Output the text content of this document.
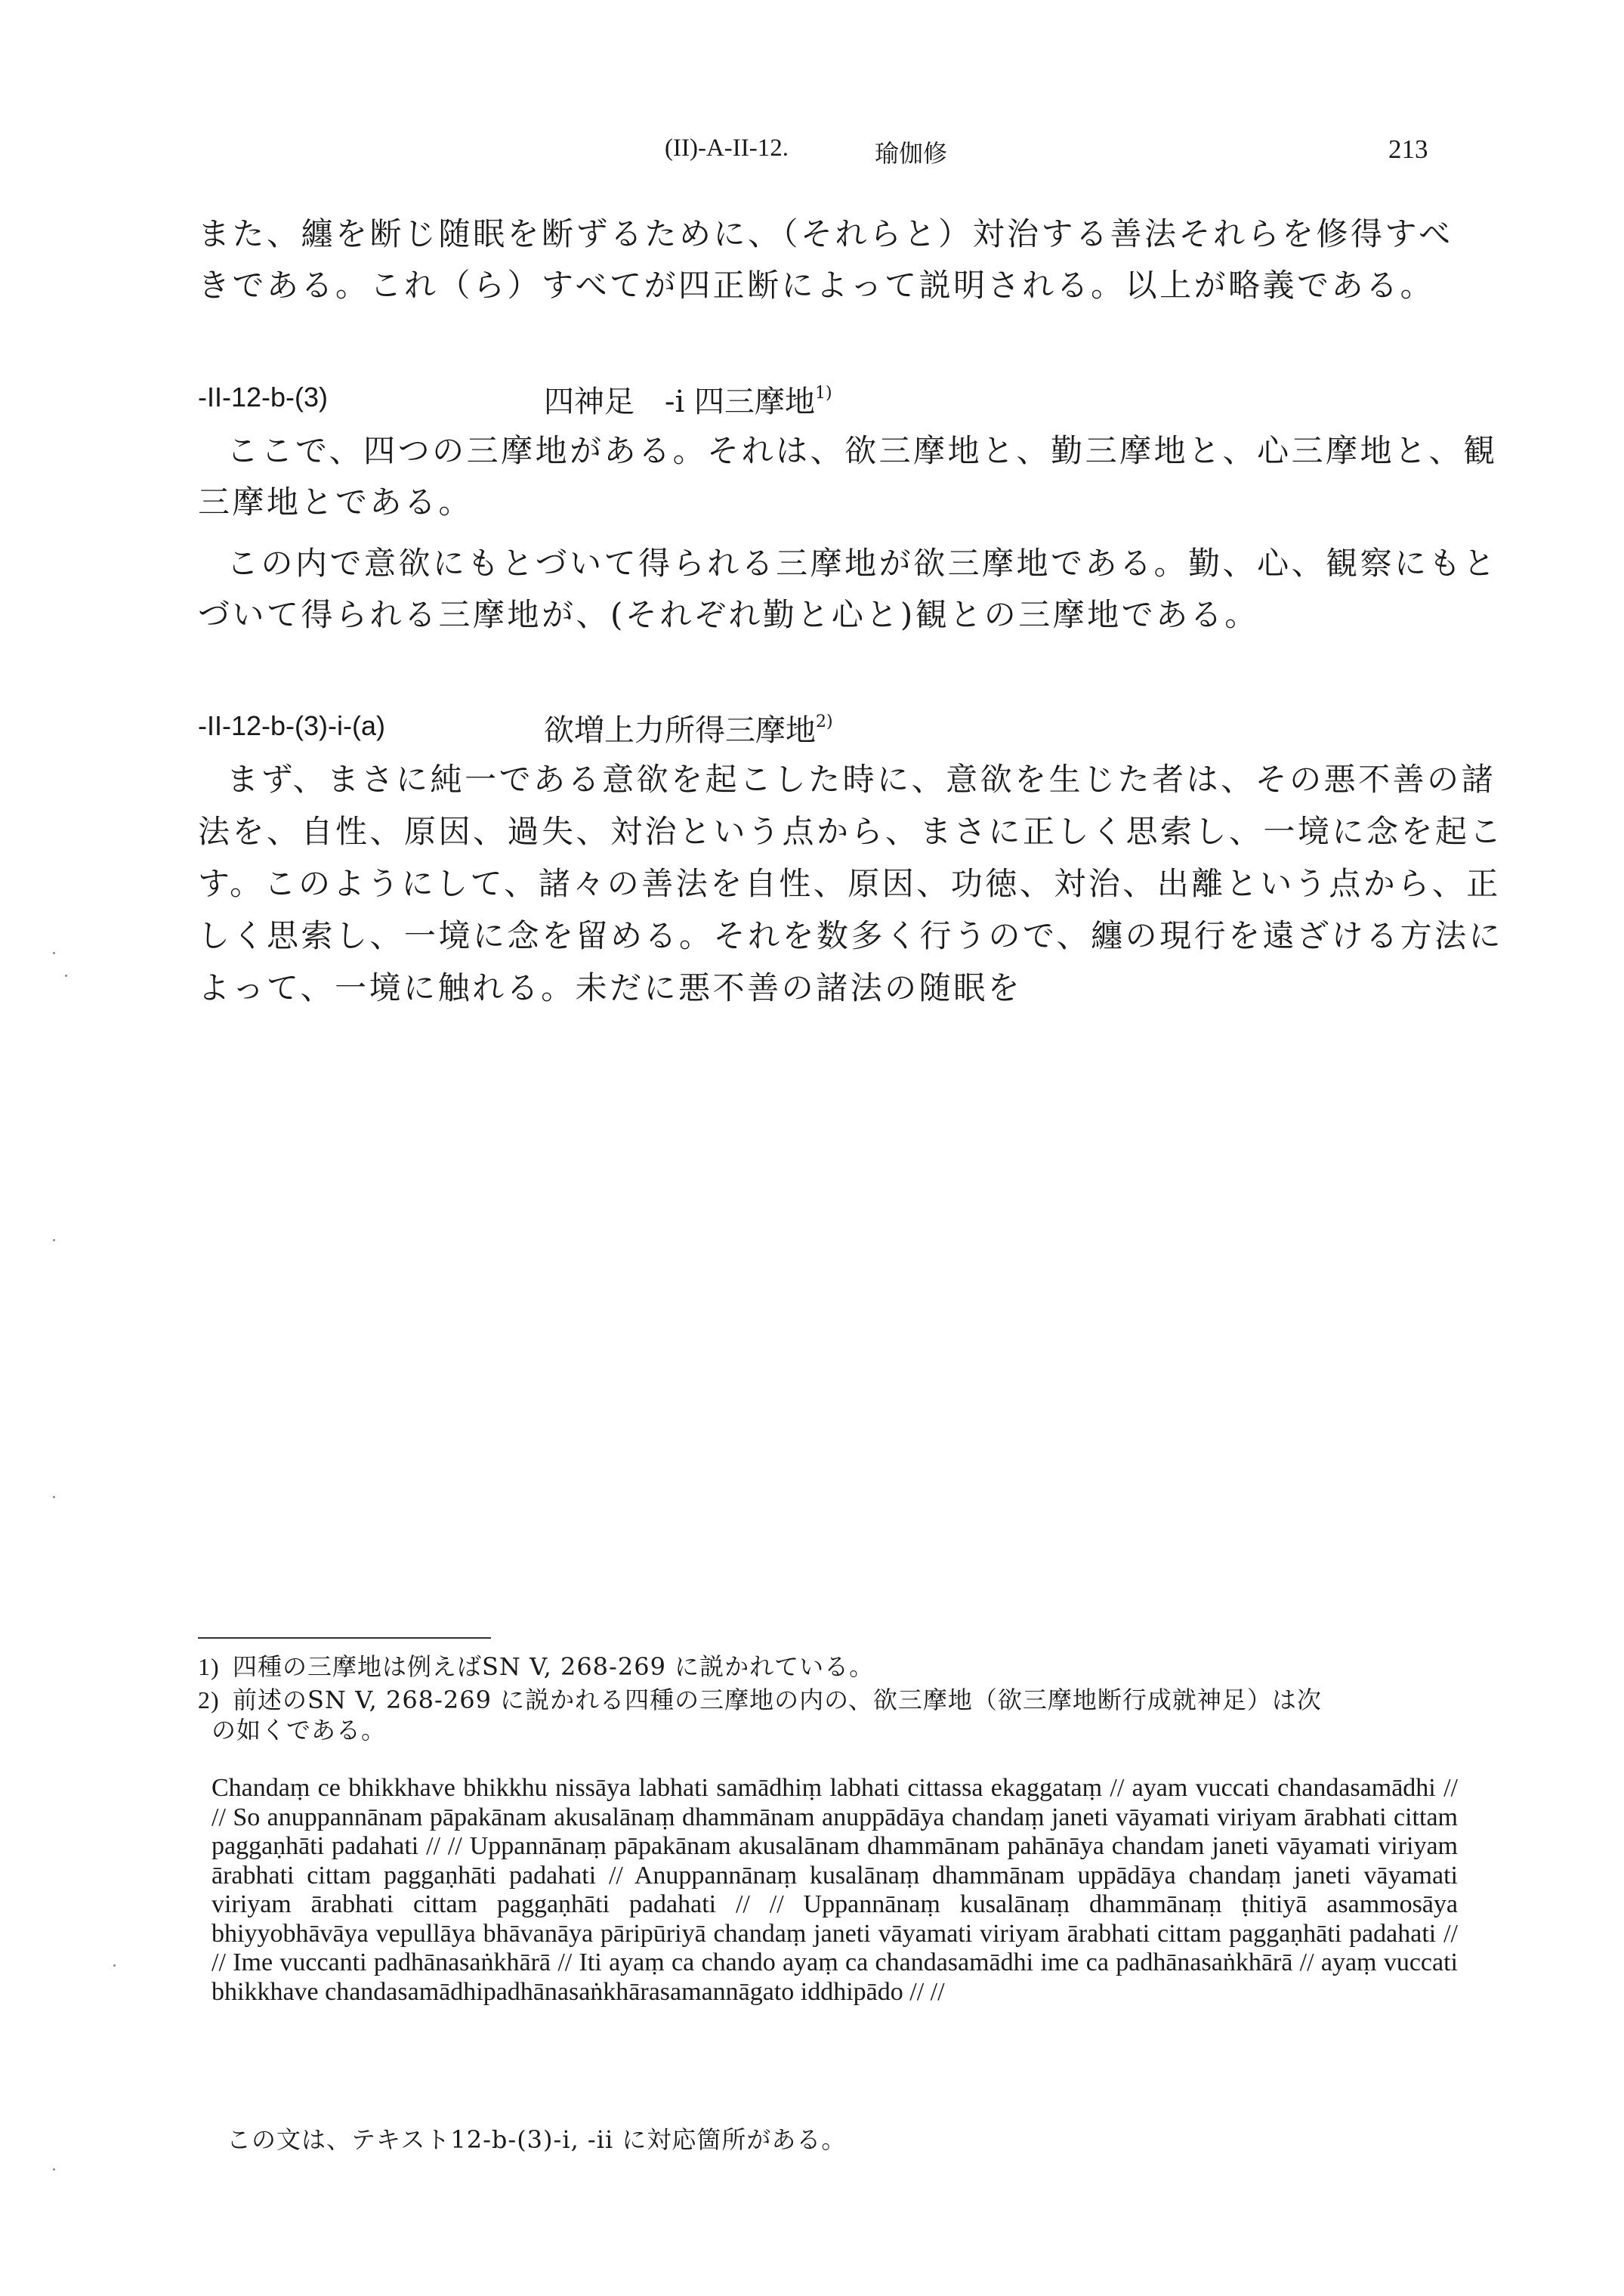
(II)-A-II-12.	瑜伽修	213
また、纏を断じ随眠を断ずるために、（それらと）対治する善法それらを修得すべ
きである。これ（ら）すべてが四正断によって説明される。以上が略義である。
-II-12-b-(3)	四神足　-i 四三摩地$^{1)}$
ここで、四つの三摩地がある。それは、欲三摩地と、勤三摩地と、心三摩地と、観
三摩地とである。
この内で意欲にもとづいて得られる三摩地が欲三摩地である。勤、心、観察にもと
づいて得られる三摩地が、(それぞれ勤と心と)観との三摩地である。
-II-12-b-(3)-i-(a)	欲増上力所得三摩地$^{2)}$
まず、まさに純一である意欲を起こした時に、意欲を生じた者は、その悪不善の諸
法を、自性、原因、過失、対治という点から、まさに正しく思索し、一境に念を起こ
す。このようにして、諸々の善法を自性、原因、功徳、対治、出離という点から、正
しく思索し、一境に念を留める。それを数多く行うので、纏の現行を遠ざける方法に
よって、一境に触れる。未だに悪不善の諸法の随眠を
1) 四種の三摩地は例えばSN V, 268-269 に説かれている。
2) 前述のSN V, 268-269 に説かれる四種の三摩地の内の、欲三摩地（欲三摩地断行成就神足）は次
の如くである。
Chandaṃ ce bhikkhave bhikkhu nissāya labhati samādhiṃ labhati cittassa ekaggataṃ // ayam vuccati chandasamādhi // // So anuppannānam pāpakānam akusalānaṃ dhammānam anuppādāya chandaṃ janeti vāyamati viriyam ārabhati cittam paggaṇhāti padahati // // Uppannānaṃ pāpakānam akusalānam dhammānam pahānāya chandam janeti vāyamati viriyam ārabhati cittam paggaṇhāti padahati // Anuppannānaṃ kusalānaṃ dhammānam uppādāya chandaṃ janeti vāyamati viriyam ārabhati cittam paggaṇhāti padahati // // Uppannānaṃ kusalānaṃ dhammānaṃ ṭhitiyā asammosāya bhiyyobhāvāya vepullāya bhāvanāya pāripūriyā chandaṃ janeti vāyamati viriyam ārabhati cittam paggaṇhāti padahati // // Ime vuccanti padhānasaṅkhārā // Iti ayaṃ ca chando ayaṃ ca chandasamādhi ime ca padhānasaṅkhārā // ayaṃ vuccati bhikkhave chandasamādhipadhānasaṅkhārasamannāgato iddhipādo // //
この文は、テキスト12-b-(3)-i, -ii に対応箇所がある。
